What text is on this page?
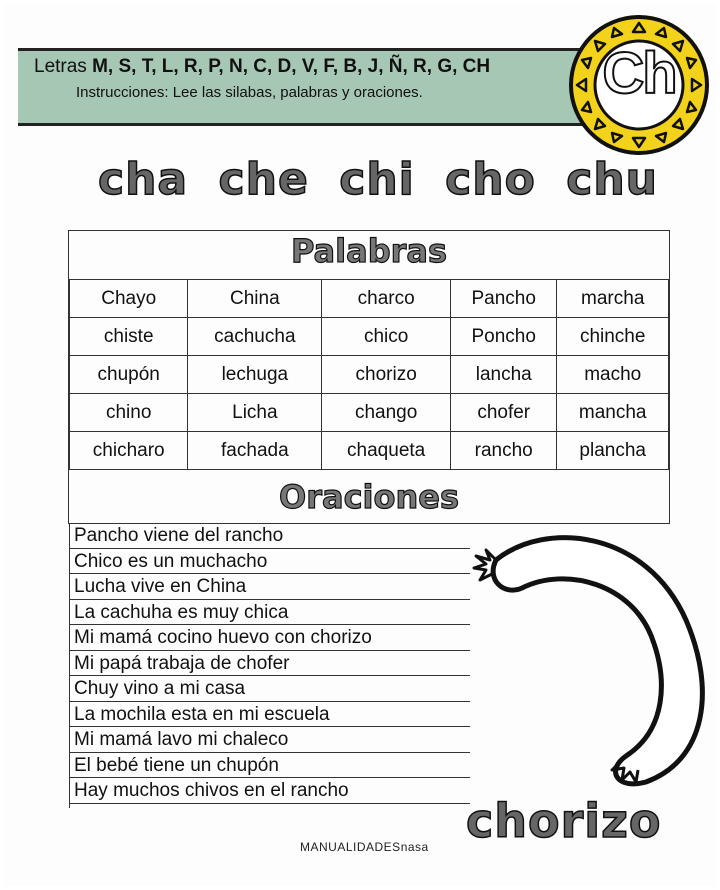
Letras M, S, T, L, R, P, N, C, D, V, F, B, J, Ñ, R, G, CH
Instrucciones: Lee las silabas, palabras y oraciones.	Ch
cha che chi cho chu
Palabras
Chayo	China	charco	Pancho	marcha
chiste	cachucha	chico	Poncho	chinche
chupón	lechuga	chorizo	lancha	macho
chino	Licha	chango	chofer	mancha
chicharo	fachada	chaqueta	rancho	plancha
Oraciones
Pancho viene del rancho
Chico es un muchacho
Lucha vive en China
La cachuha es muy chica
Mi mamá cocino huevo con chorizo
Mi papá trabaja de chofer
Chuy vino a mi casa
La mochila esta en mi escuela
Mi mamá lavo mi chaleco
El bebé tiene un chupón
Hay muchos chivos en el rancho
chorizo
MANUALIDADESnasa
